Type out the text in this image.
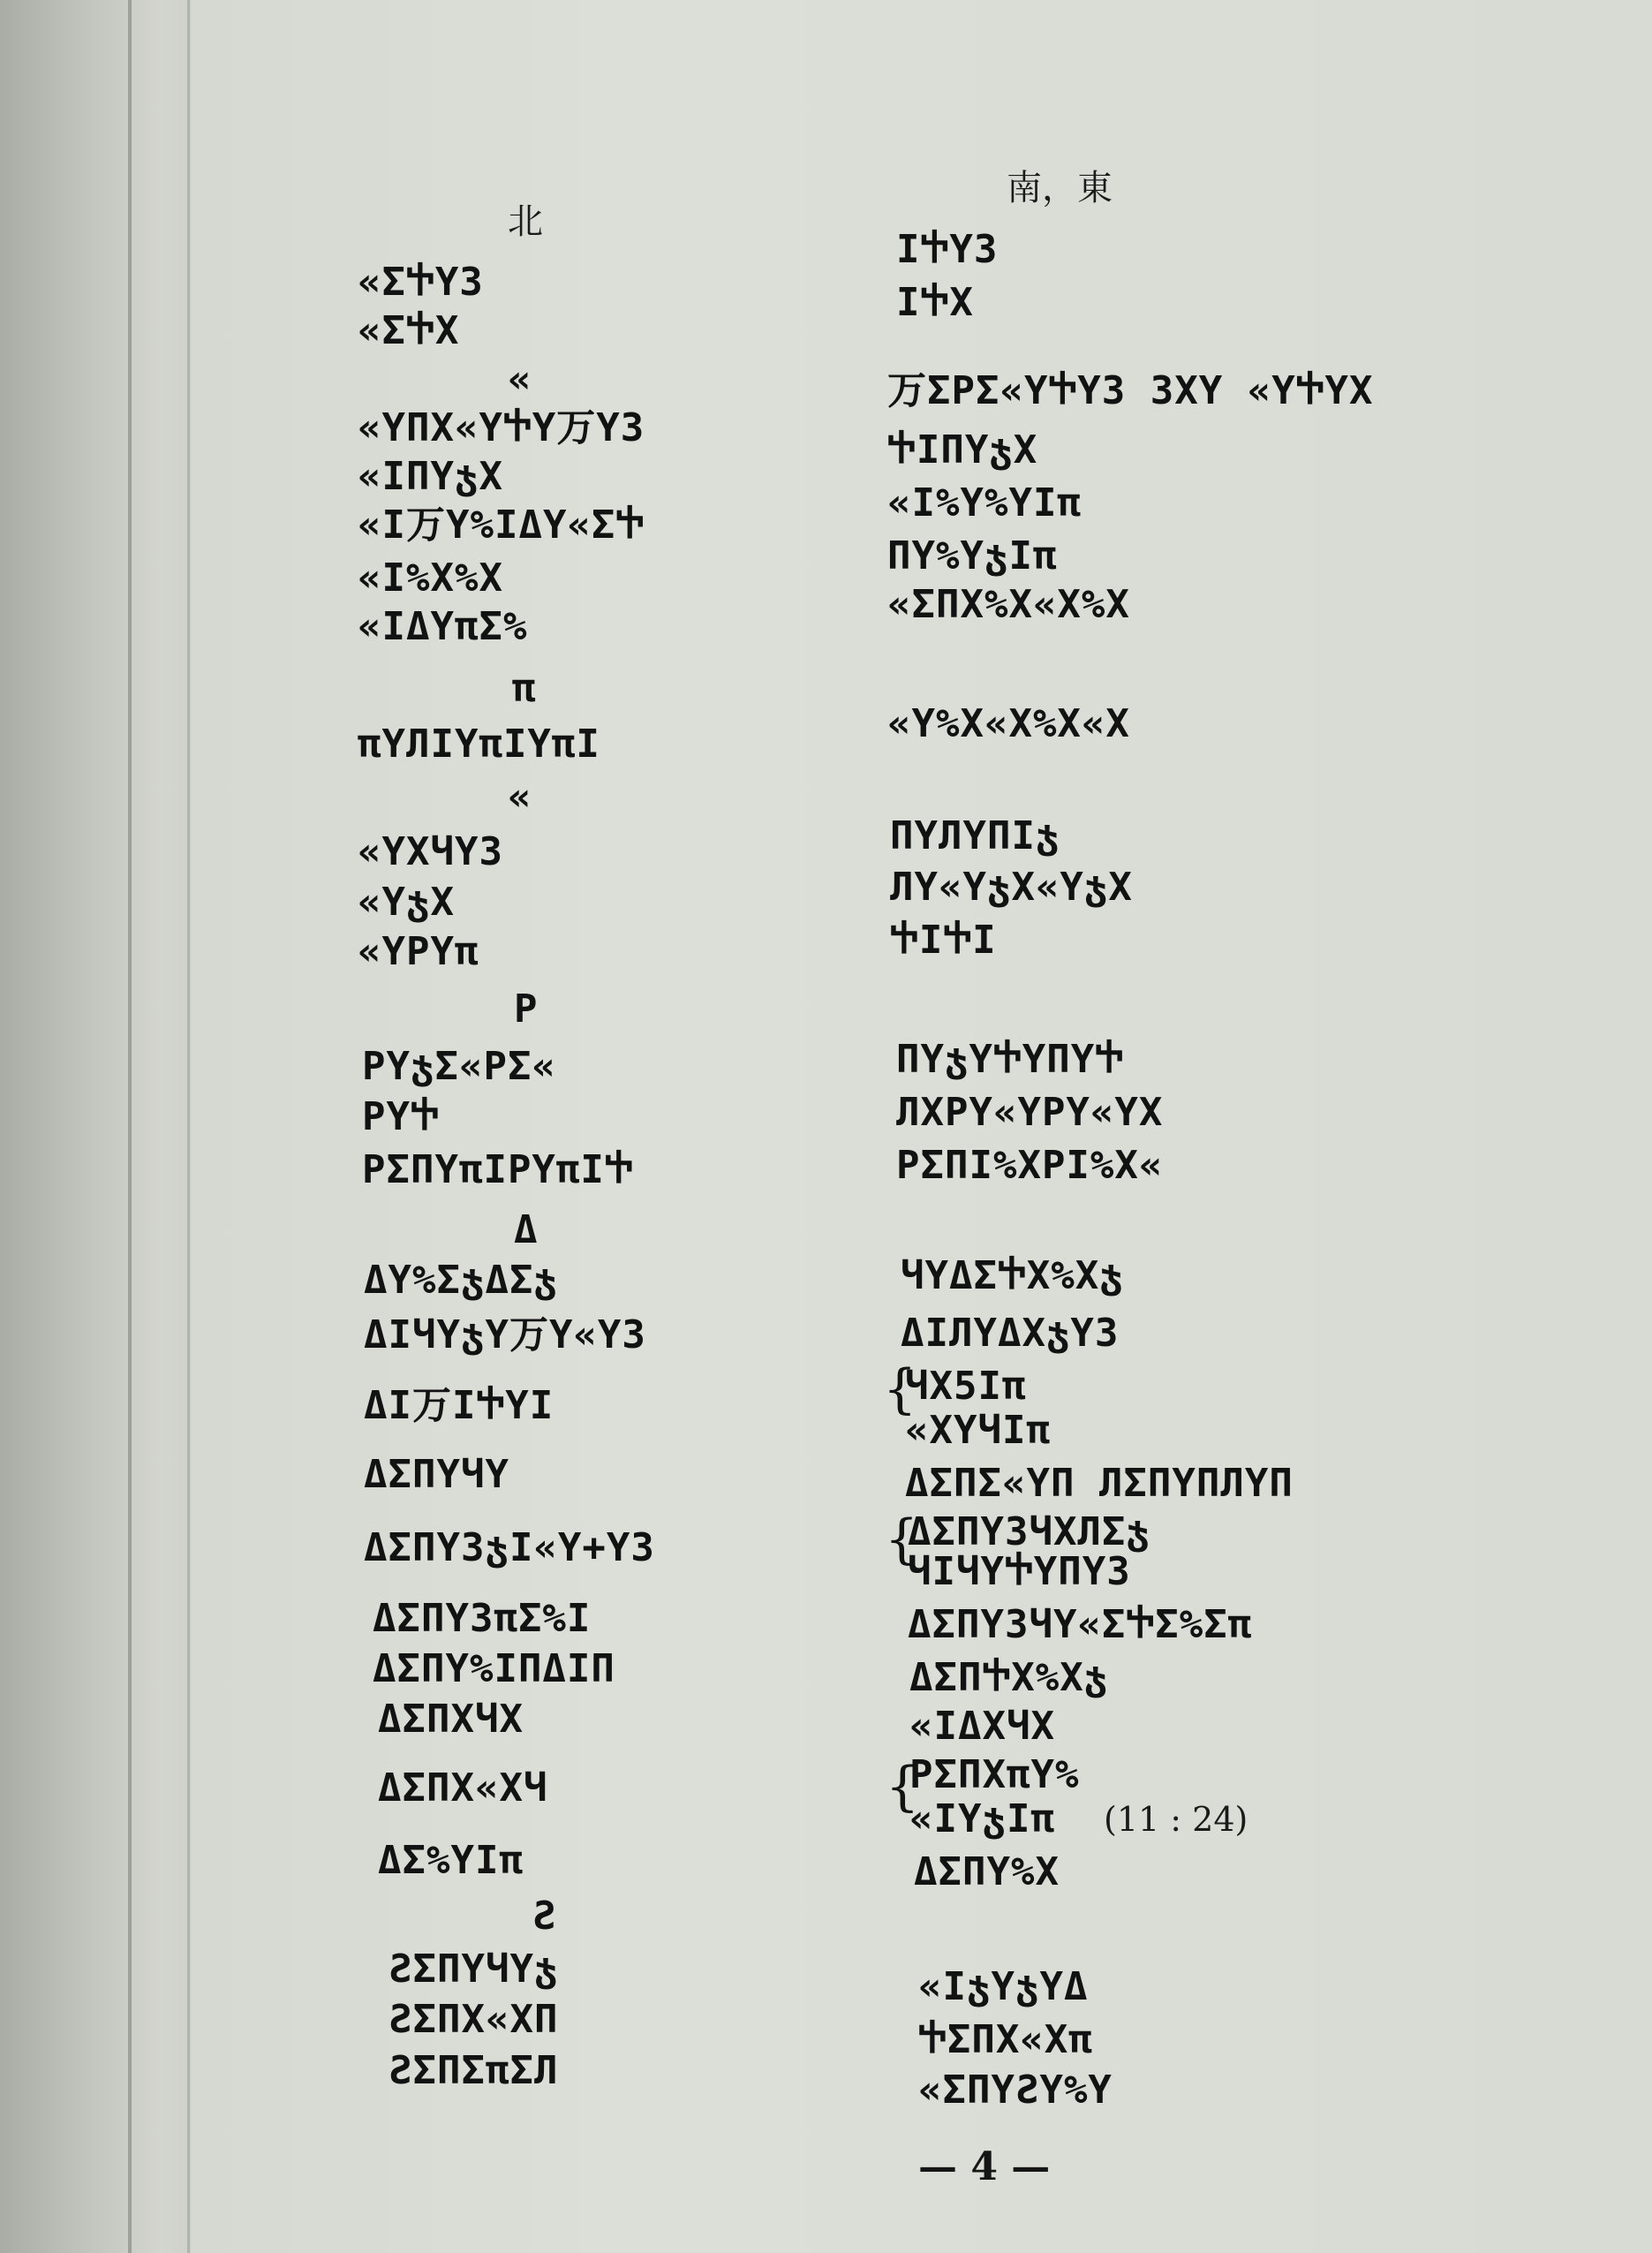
北
南，東
«ΣႵY3
«ΣႵX
«
«YПX«YႵY万Y3
«IПYჯX
«I万Y%IΔY«ΣႵ
«I%X%X
«IΔYπΣ%
π
πYЛIYπIYπI
«
«YXЧY3
«YჯX
«YPYπ
P
PYჯΣ«PΣ«
PYႵ
PΣПYπIPYπIႵ
Δ
ΔY%ΣჯΔΣჯ
ΔIЧYჯY万Y«Y3
ΔI万IႵYI
ΔΣПYЧY
ΔΣПY3ჯI«Y+Y3
ΔΣПY3πΣ%I
ΔΣПY%IПΔIП
ΔΣПXЧX
ΔΣПX«XЧ
ΔΣ%YIπ
Ƨ
ƧΣПYЧYჯ
ƧΣПX«XП
ƧΣПΣπΣЛ
IႵY3
IႵX
万ΣPΣ«YႵY3 3XY «YႵYX
ႵIПYჯX
«I%Y%YIπ
ПY%YჯIπ
«ΣПX%X«X%X
«Y%X«X%X«X
ПYЛYПIჯ
ЛY«YჯX«YჯX
ႵIႵI
ПYჯYႵYПYႵ
ЛXPY«YPY«YX
PΣПI%XPI%X«
ЧYΔΣႵX%Xჯ
ΔIЛYΔXჯY3
{
ЧX5Iπ
«XYЧIπ
ΔΣПΣ«YП ЛΣПYПЛYП
{
ΔΣПY3ЧXЛΣჯ
ЧIЧYႵYПY3
ΔΣПY3ЧY«ΣႵΣ%Σπ
ΔΣПႵX%Xჯ
«IΔXЧX
{
PΣПXπY%
«IYჯIπ (11 : 24)
ΔΣПY%X
«IჯYჯYΔ
ႵΣПX«Xπ
«ΣПYƧY%Y
— 4 —
